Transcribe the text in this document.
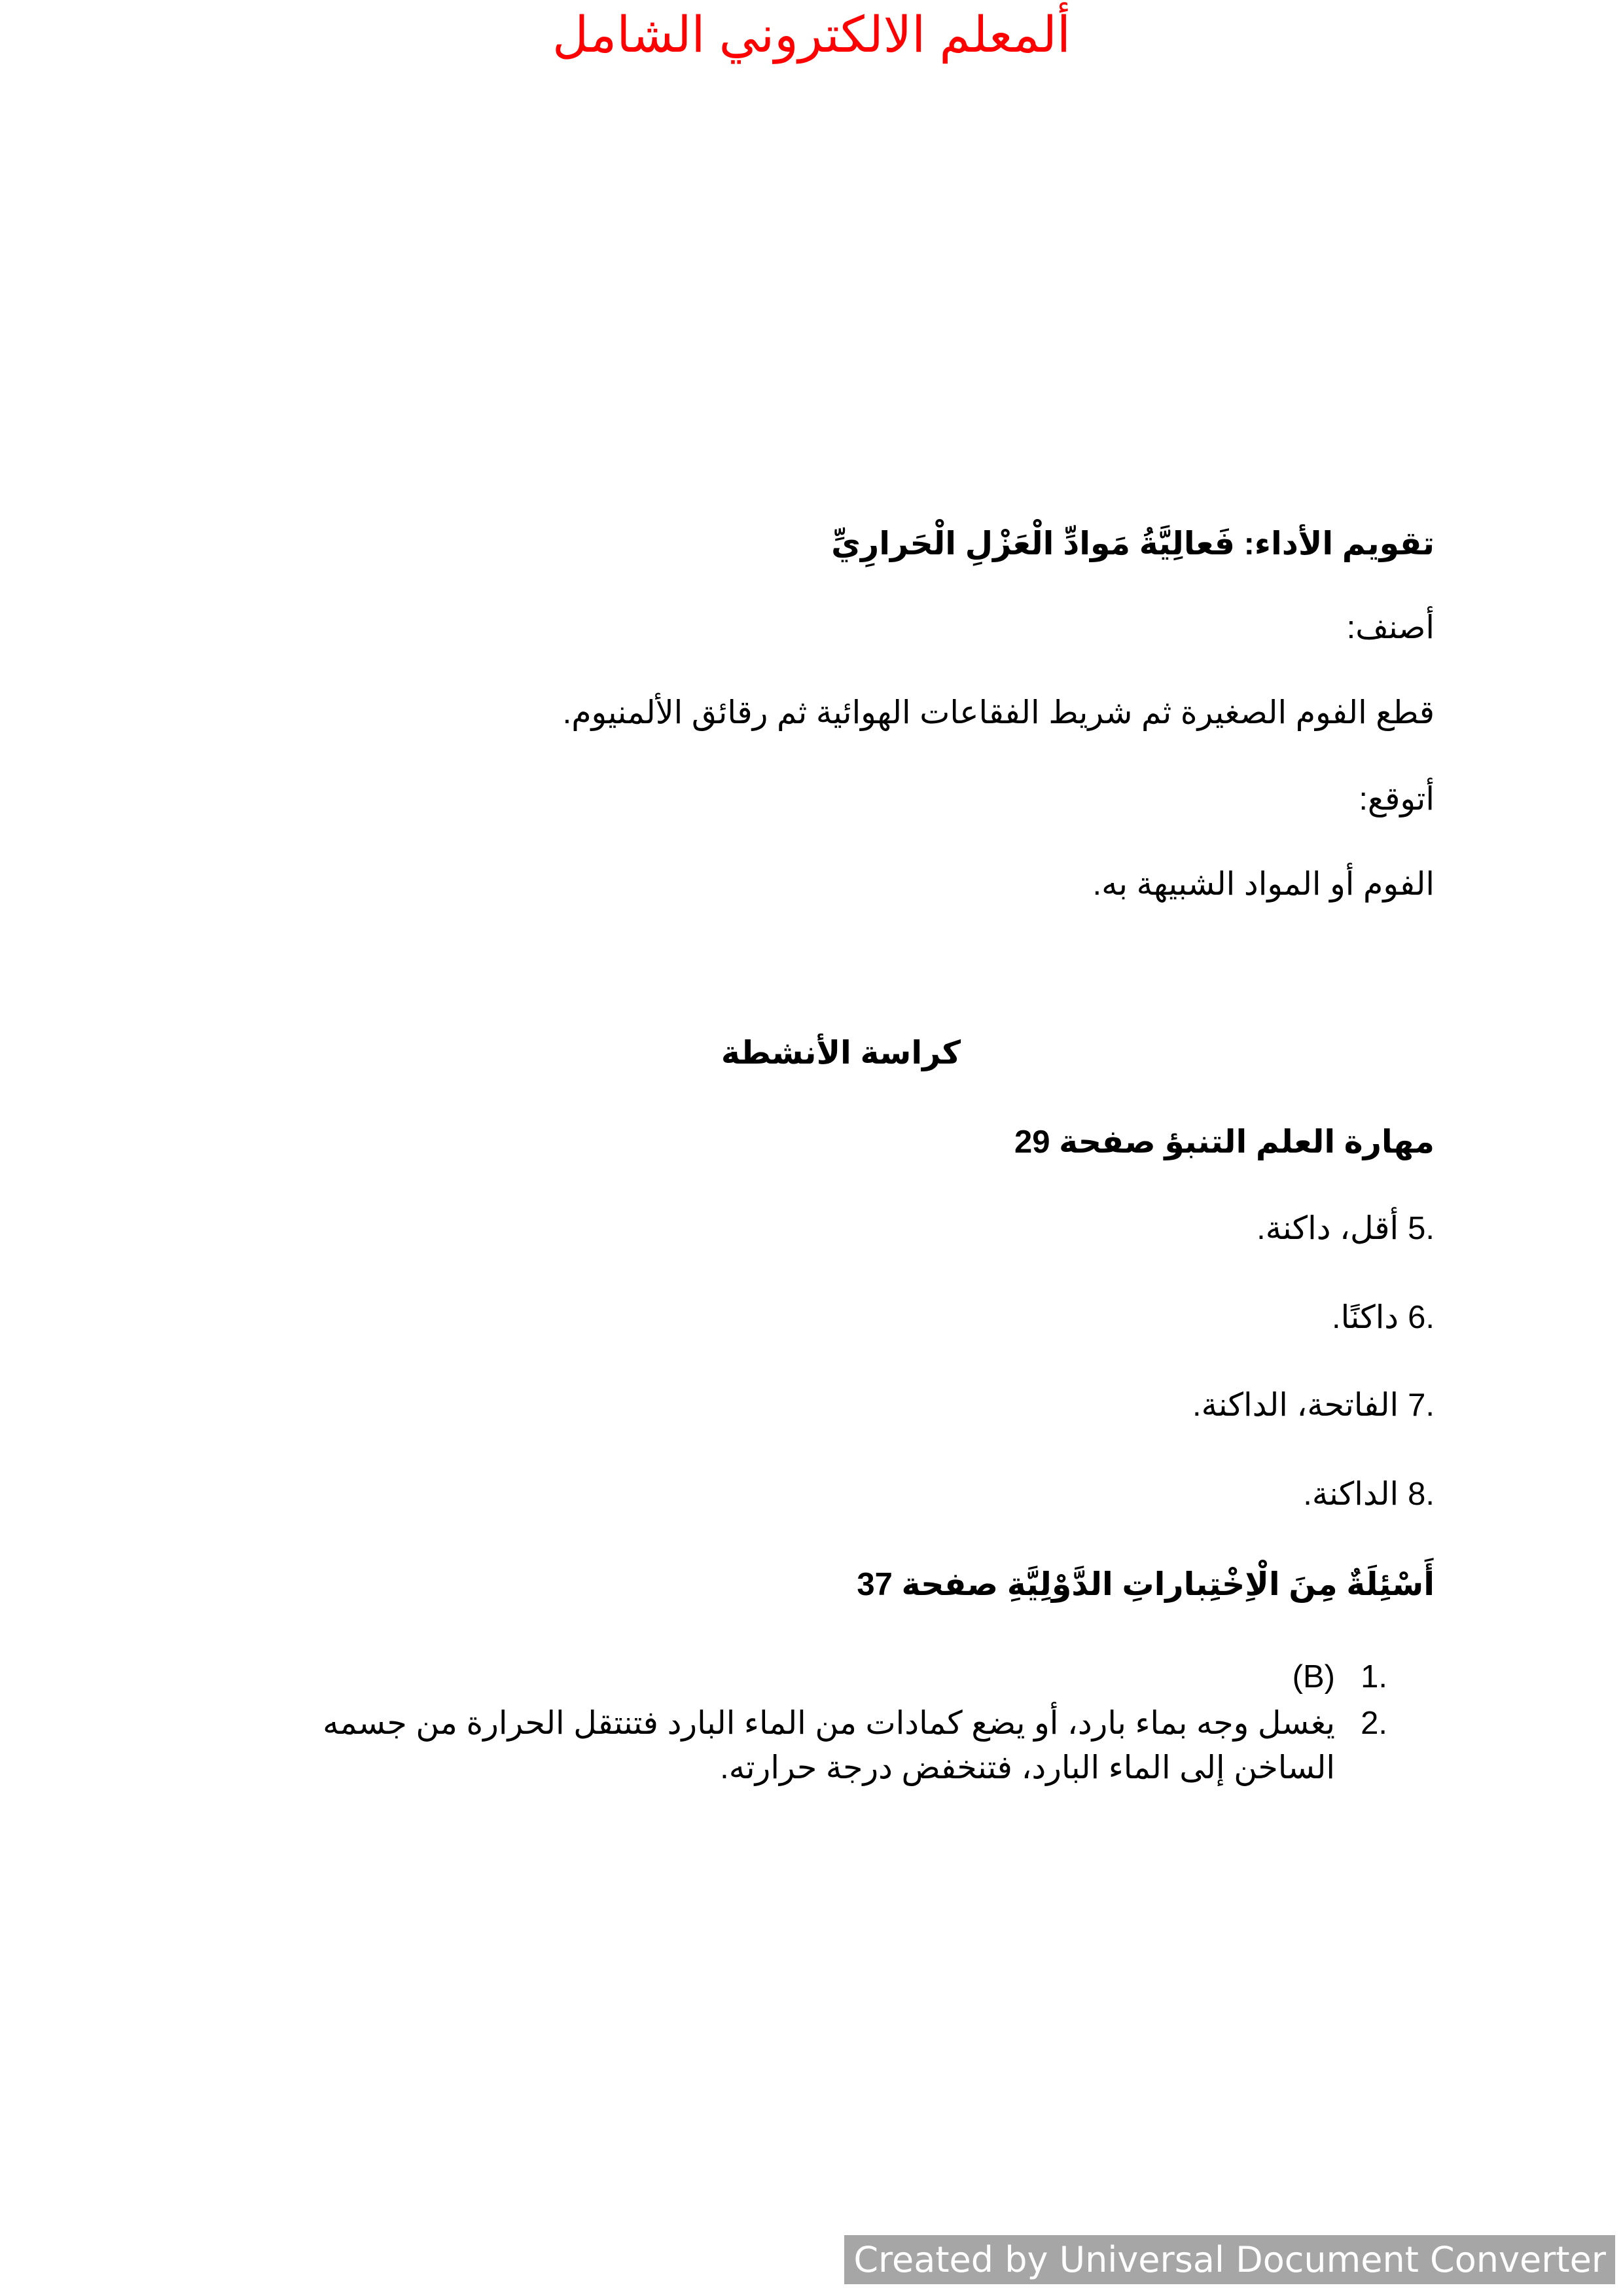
ألمعلم الالكتروني الشامل
تقويم الأداء: فَعالِيَّةُ مَوادِّ الْعَزْلِ الْحَرارِيِّ
أصنف:
قطع الفوم الصغيرة ثم شريط الفقاعات الهوائية ثم رقائق الألمنيوم.
أتوقع:
الفوم أو المواد الشبيهة به.
كراسة الأنشطة
مهارة العلم التنبؤ صفحة 29
5.أقل، داكنة.
6.داكنًا.
7.الفاتحة، الداكنة.
8.الداكنة.
أَسْئِلَةٌ مِنَ الْاِخْتِباراتِ الدَّوْلِيَّةِ صفحة 37
1.
(B)
2.
يغسل وجه بماء بارد، أو يضع كمادات من الماء البارد فتنتقل الحرارة من جسمه الساخن إلى الماء البارد، فتنخفض درجة حرارته.
Created by Universal Document Converter
